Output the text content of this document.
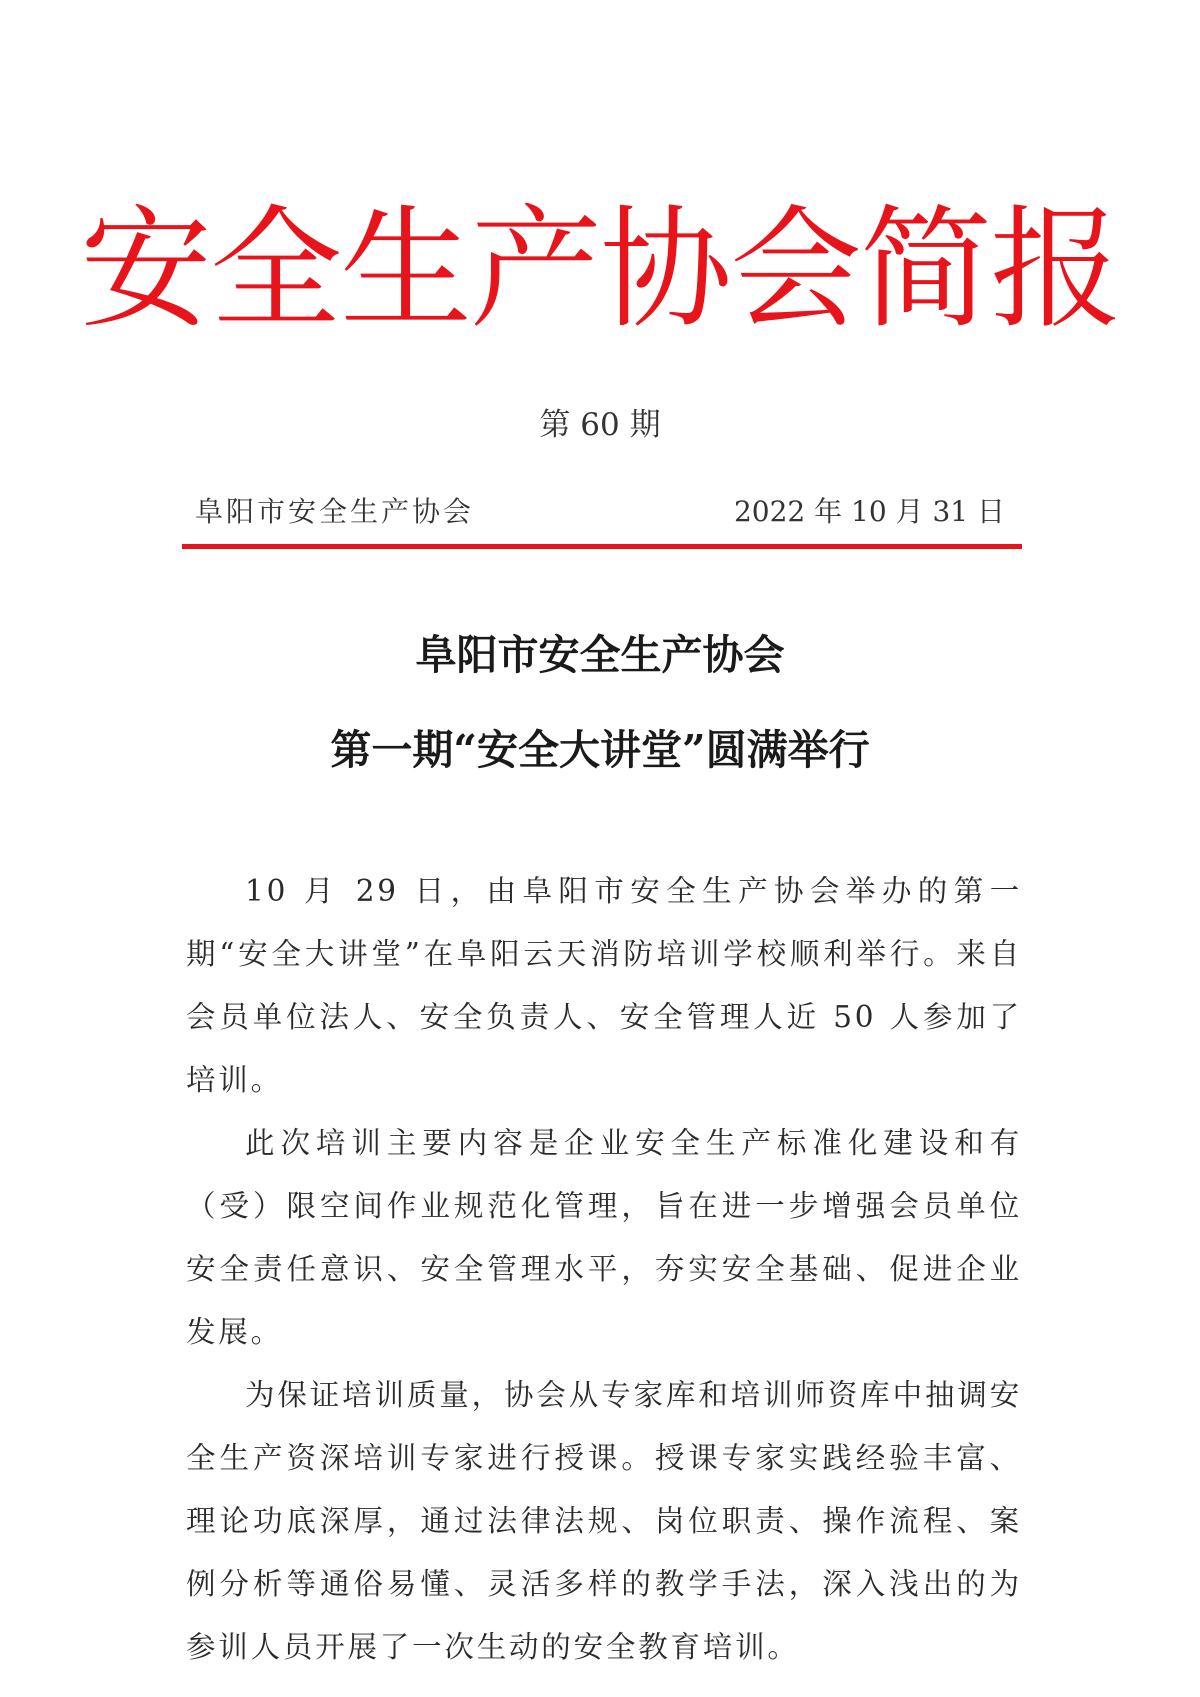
安全生产协会简报
第 60 期
阜阳市安全生产协会	2022 年 10 月 31 日
阜阳市安全生产协会
第一期“安全大讲堂”圆满举行

10 月 29 日，由阜阳市安全生产协会举办的第一期“安全大讲堂”在阜阳云天消防培训学校顺利举行。来自会员单位法人、安全负责人、安全管理人近 50 人参加了培训。

此次培训主要内容是企业安全生产标准化建设和有（受）限空间作业规范化管理，旨在进一步增强会员单位安全责任意识、安全管理水平，夯实安全基础、促进企业发展。

为保证培训质量，协会从专家库和培训师资库中抽调安全生产资深培训专家进行授课。授课专家实践经验丰富、理论功底深厚，通过法律法规、岗位职责、操作流程、案例分析等通俗易懂、灵活多样的教学手法，深入浅出的为参训人员开展了一次生动的安全教育培训。
